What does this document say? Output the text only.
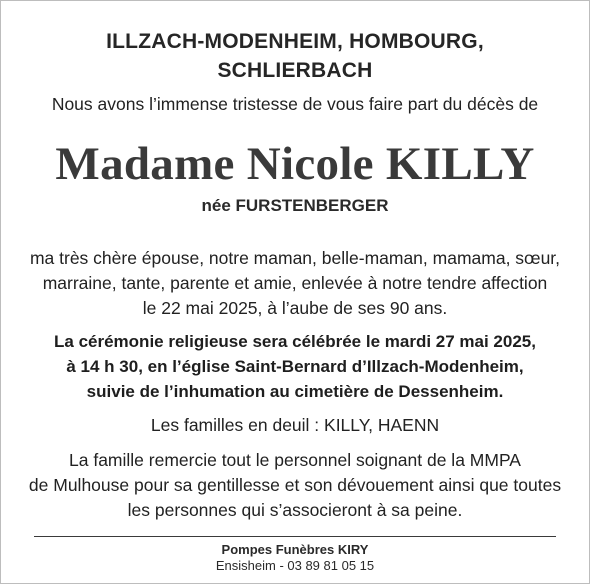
ILLZACH-MODENHEIM, HOMBOURG,
SCHLIERBACH
Nous avons l’immense tristesse de vous faire part du décès de
Madame Nicole KILLY
née FURSTENBERGER
ma très chère épouse, notre maman, belle-maman, mamama, sœur,
marraine, tante, parente et amie, enlevée à notre tendre affection
le 22 mai 2025, à l’aube de ses 90 ans.
La cérémonie religieuse sera célébrée le mardi 27 mai 2025,
à 14 h 30, en l’église Saint-Bernard d’Illzach-Modenheim,
suivie de l’inhumation au cimetière de Dessenheim.
Les familles en deuil : KILLY, HAENN
La famille remercie tout le personnel soignant de la MMPA
de Mulhouse pour sa gentillesse et son dévouement ainsi que toutes
les personnes qui s’associeront à sa peine.
Pompes Funèbres KIRY
Ensisheim - 03 89 81 05 15
